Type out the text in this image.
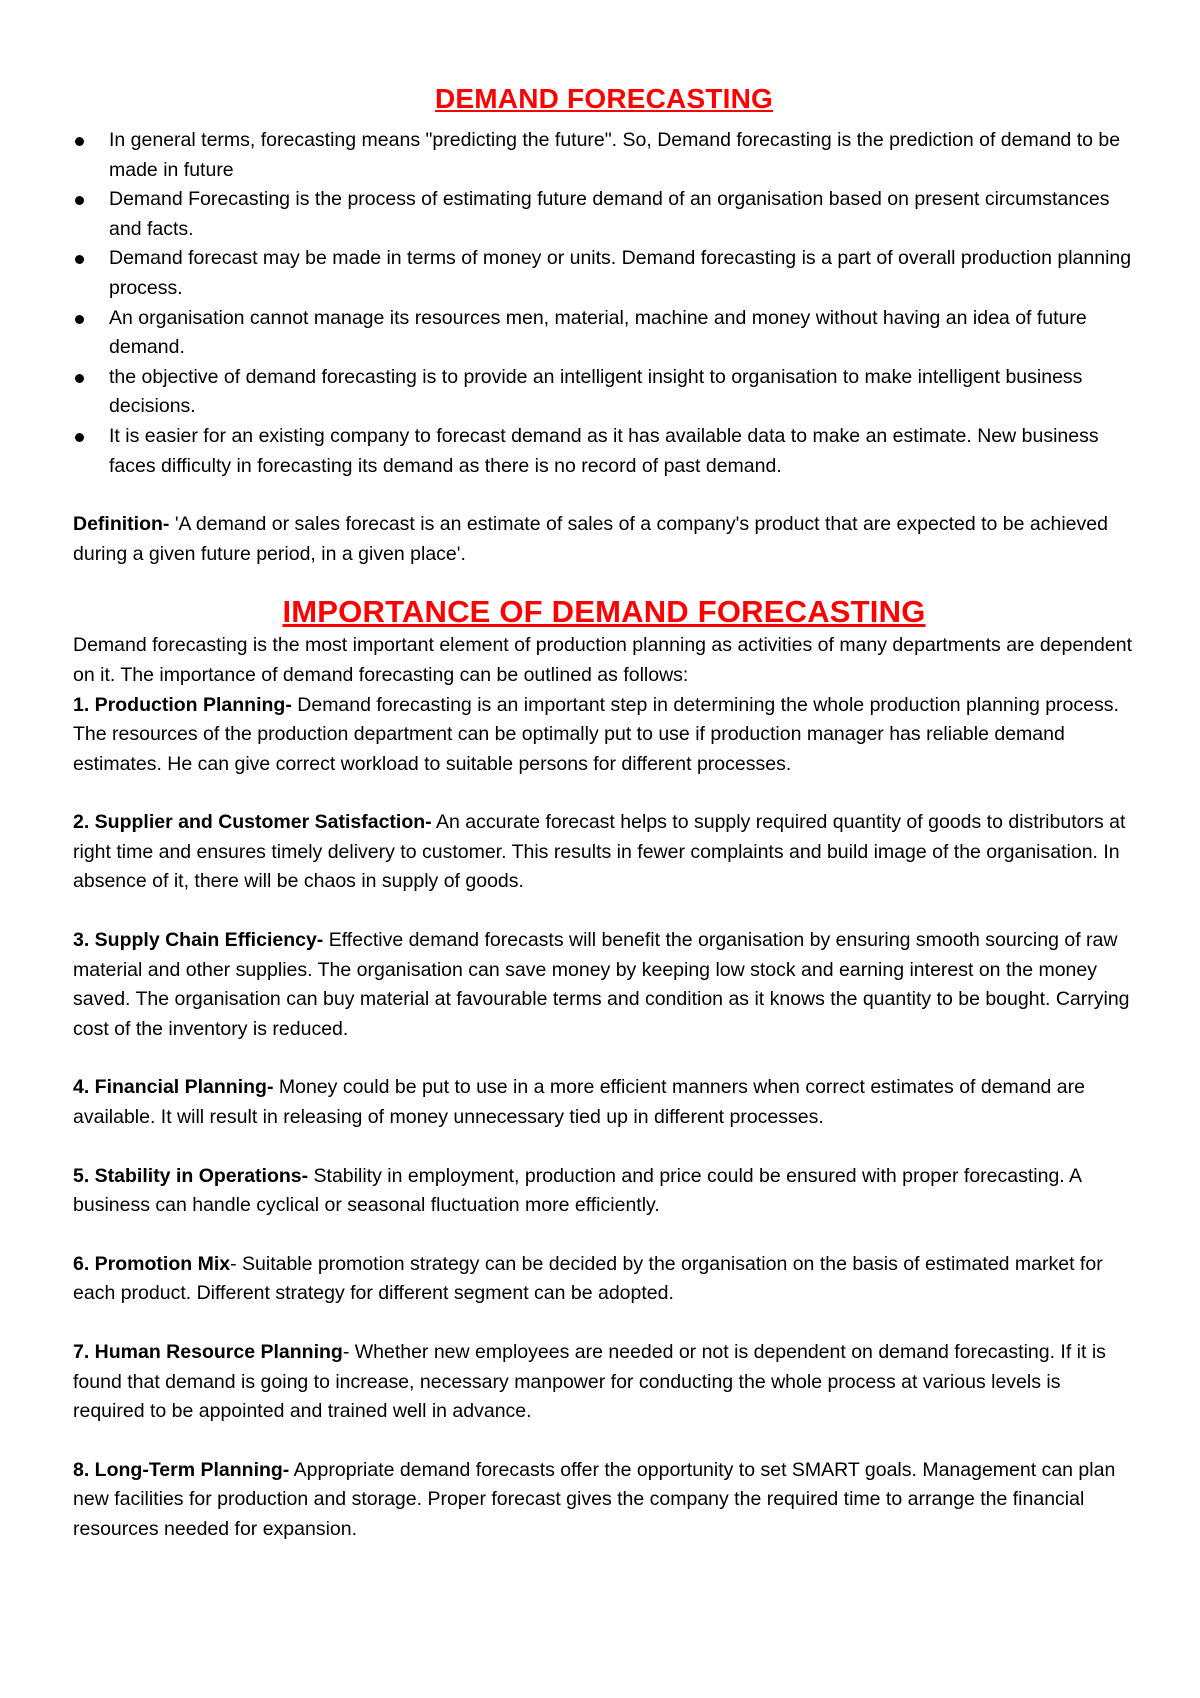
DEMAND FORECASTING
In general terms, forecasting means "predicting the future". So, Demand forecasting is the prediction of demand to be made in future
Demand Forecasting is the process of estimating future demand of an organisation based on present circumstances and facts.
Demand forecast may be made in terms of money or units. Demand forecasting is a part of overall production planning process.
An organisation cannot manage its resources men, material, machine and money without having an idea of future demand.
the objective of demand forecasting is to provide an intelligent insight to organisation to make intelligent business decisions.
It is easier for an existing company to forecast demand as it has available data to make an estimate. New business faces difficulty in forecasting its demand as there is no record of past demand.

Definition- 'A demand or sales forecast is an estimate of sales of a company's product that are expected to be achieved during a given future period, in a given place'.

IMPORTANCE OF DEMAND FORECASTING

Demand forecasting is the most important element of production planning as activities of many departments are dependent on it. The importance of demand forecasting can be outlined as follows:

1. Production Planning- Demand forecasting is an important step in determining the whole production planning process. The resources of the production department can be optimally put to use if production manager has reliable demand estimates. He can give correct workload to suitable persons for different processes.

2. Supplier and Customer Satisfaction- An accurate forecast helps to supply required quantity of goods to distributors at right time and ensures timely delivery to customer. This results in fewer complaints and build image of the organisation. In absence of it, there will be chaos in supply of goods.

3. Supply Chain Efficiency- Effective demand forecasts will benefit the organisation by ensuring smooth sourcing of raw material and other supplies. The organisation can save money by keeping low stock and earning interest on the money saved. The organisation can buy material at favourable terms and condition as it knows the quantity to be bought. Carrying cost of the inventory is reduced.

4. Financial Planning- Money could be put to use in a more efficient manners when correct estimates of demand are available. It will result in releasing of money unnecessary tied up in different processes.

5. Stability in Operations- Stability in employment, production and price could be ensured with proper forecasting. A business can handle cyclical or seasonal fluctuation more efficiently.

6. Promotion Mix- Suitable promotion strategy can be decided by the organisation on the basis of estimated market for each product. Different strategy for different segment can be adopted.

7. Human Resource Planning- Whether new employees are needed or not is dependent on demand forecasting. If it is found that demand is going to increase, necessary manpower for conducting the whole process at various levels is required to be appointed and trained well in advance.

8. Long-Term Planning- Appropriate demand forecasts offer the opportunity to set SMART goals. Management can plan new facilities for production and storage. Proper forecast gives the company the required time to arrange the financial resources needed for expansion.
